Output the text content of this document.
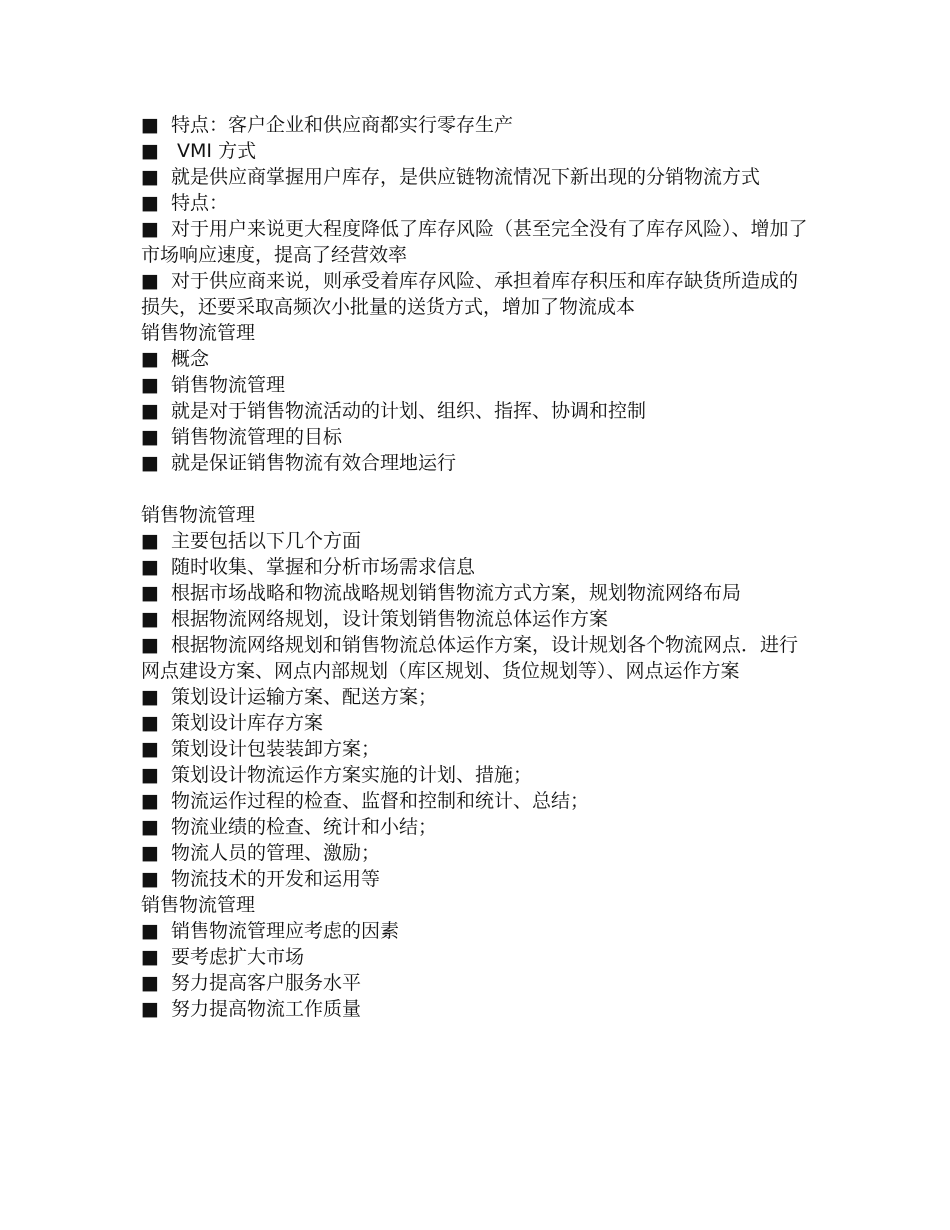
■ 特点：客户企业和供应商都实行零存生产
■ VMI 方式
■ 就是供应商掌握用户库存，是供应链物流情况下新出现的分销物流方式
■ 特点：
■ 对于用户来说更大程度降低了库存风险（甚至完全没有了库存风险）、增加了市场响应速度，提高了经营效率
■ 对于供应商来说，则承受着库存风险、承担着库存积压和库存缺货所造成的损失，还要采取高频次小批量的送货方式，增加了物流成本
销售物流管理
■ 概念
■ 销售物流管理
■ 就是对于销售物流活动的计划、组织、指挥、协调和控制
■ 销售物流管理的目标
■ 就是保证销售物流有效合理地运行
销售物流管理
■ 主要包括以下几个方面
■ 随时收集、掌握和分析市场需求信息
■ 根据市场战略和物流战略规划销售物流方式方案，规划物流网络布局
■ 根据物流网络规划，设计策划销售物流总体运作方案
■ 根据物流网络规划和销售物流总体运作方案，设计规划各个物流网点．进行网点建设方案、网点内部规划（库区规划、货位规划等）、网点运作方案
■ 策划设计运输方案、配送方案；
■ 策划设计库存方案
■ 策划设计包装装卸方案；
■ 策划设计物流运作方案实施的计划、措施；
■ 物流运作过程的检查、监督和控制和统计、总结；
■ 物流业绩的检查、统计和小结；
■ 物流人员的管理、激励；
■ 物流技术的开发和运用等
销售物流管理
■ 销售物流管理应考虑的因素
■ 要考虑扩大市场
■ 努力提高客户服务水平
■ 努力提高物流工作质量
